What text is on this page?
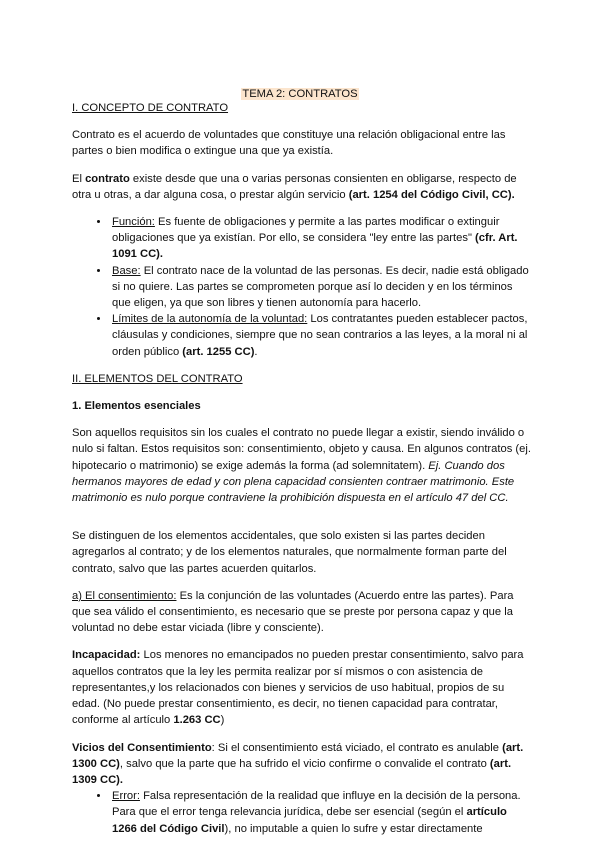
TEMA 2: CONTRATOS

I. CONCEPTO DE CONTRATO

Contrato es el acuerdo de voluntades que constituye una relación obligacional entre las partes o bien modifica o extingue una que ya existía.

El contrato existe desde que una o varias personas consienten en obligarse, respecto de otra u otras, a dar alguna cosa, o prestar algún servicio (art. 1254 del Código Civil, CC).

• Función: Es fuente de obligaciones y permite a las partes modificar o extinguir obligaciones que ya existían. Por ello, se considera "ley entre las partes" (cfr. Art. 1091 CC).
• Base: El contrato nace de la voluntad de las personas. Es decir, nadie está obligado si no quiere. Las partes se comprometen porque así lo deciden y en los términos que eligen, ya que son libres y tienen autonomía para hacerlo.
• Límites de la autonomía de la voluntad: Los contratantes pueden establecer pactos, cláusulas y condiciones, siempre que no sean contrarios a las leyes, a la moral ni al orden público (art. 1255 CC).

II. ELEMENTOS DEL CONTRATO

1. Elementos esenciales

Son aquellos requisitos sin los cuales el contrato no puede llegar a existir, siendo inválido o nulo si faltan. Estos requisitos son: consentimiento, objeto y causa. En algunos contratos (ej. hipotecario o matrimonio) se exige además la forma (ad solemnitatem). Ej. Cuando dos hermanos mayores de edad y con plena capacidad consienten contraer matrimonio. Este matrimonio es nulo porque contraviene la prohibición dispuesta en el artículo 47 del CC.

Se distinguen de los elementos accidentales, que solo existen si las partes deciden agregarlos al contrato; y de los elementos naturales, que normalmente forman parte del contrato, salvo que las partes acuerden quitarlos.

a) El consentimiento: Es la conjunción de las voluntades (Acuerdo entre las partes). Para que sea válido el consentimiento, es necesario que se preste por persona capaz y que la voluntad no debe estar viciada (libre y consciente).

Incapacidad: Los menores no emancipados no pueden prestar consentimiento, salvo para aquellos contratos que la ley les permita realizar por sí mismos o con asistencia de representantes,y los relacionados con bienes y servicios de uso habitual, propios de su edad. (No puede prestar consentimiento, es decir, no tienen capacidad para contratar, conforme al artículo 1.263 CC)

Vicios del Consentimiento: Si el consentimiento está viciado, el contrato es anulable (art. 1300 CC), salvo que la parte que ha sufrido el vicio confirme o convalide el contrato (art. 1309 CC).

• Error: Falsa representación de la realidad que influye en la decisión de la persona. Para que el error tenga relevancia jurídica, debe ser esencial (según el artículo 1266 del Código Civil), no imputable a quien lo sufre y estar directamente
